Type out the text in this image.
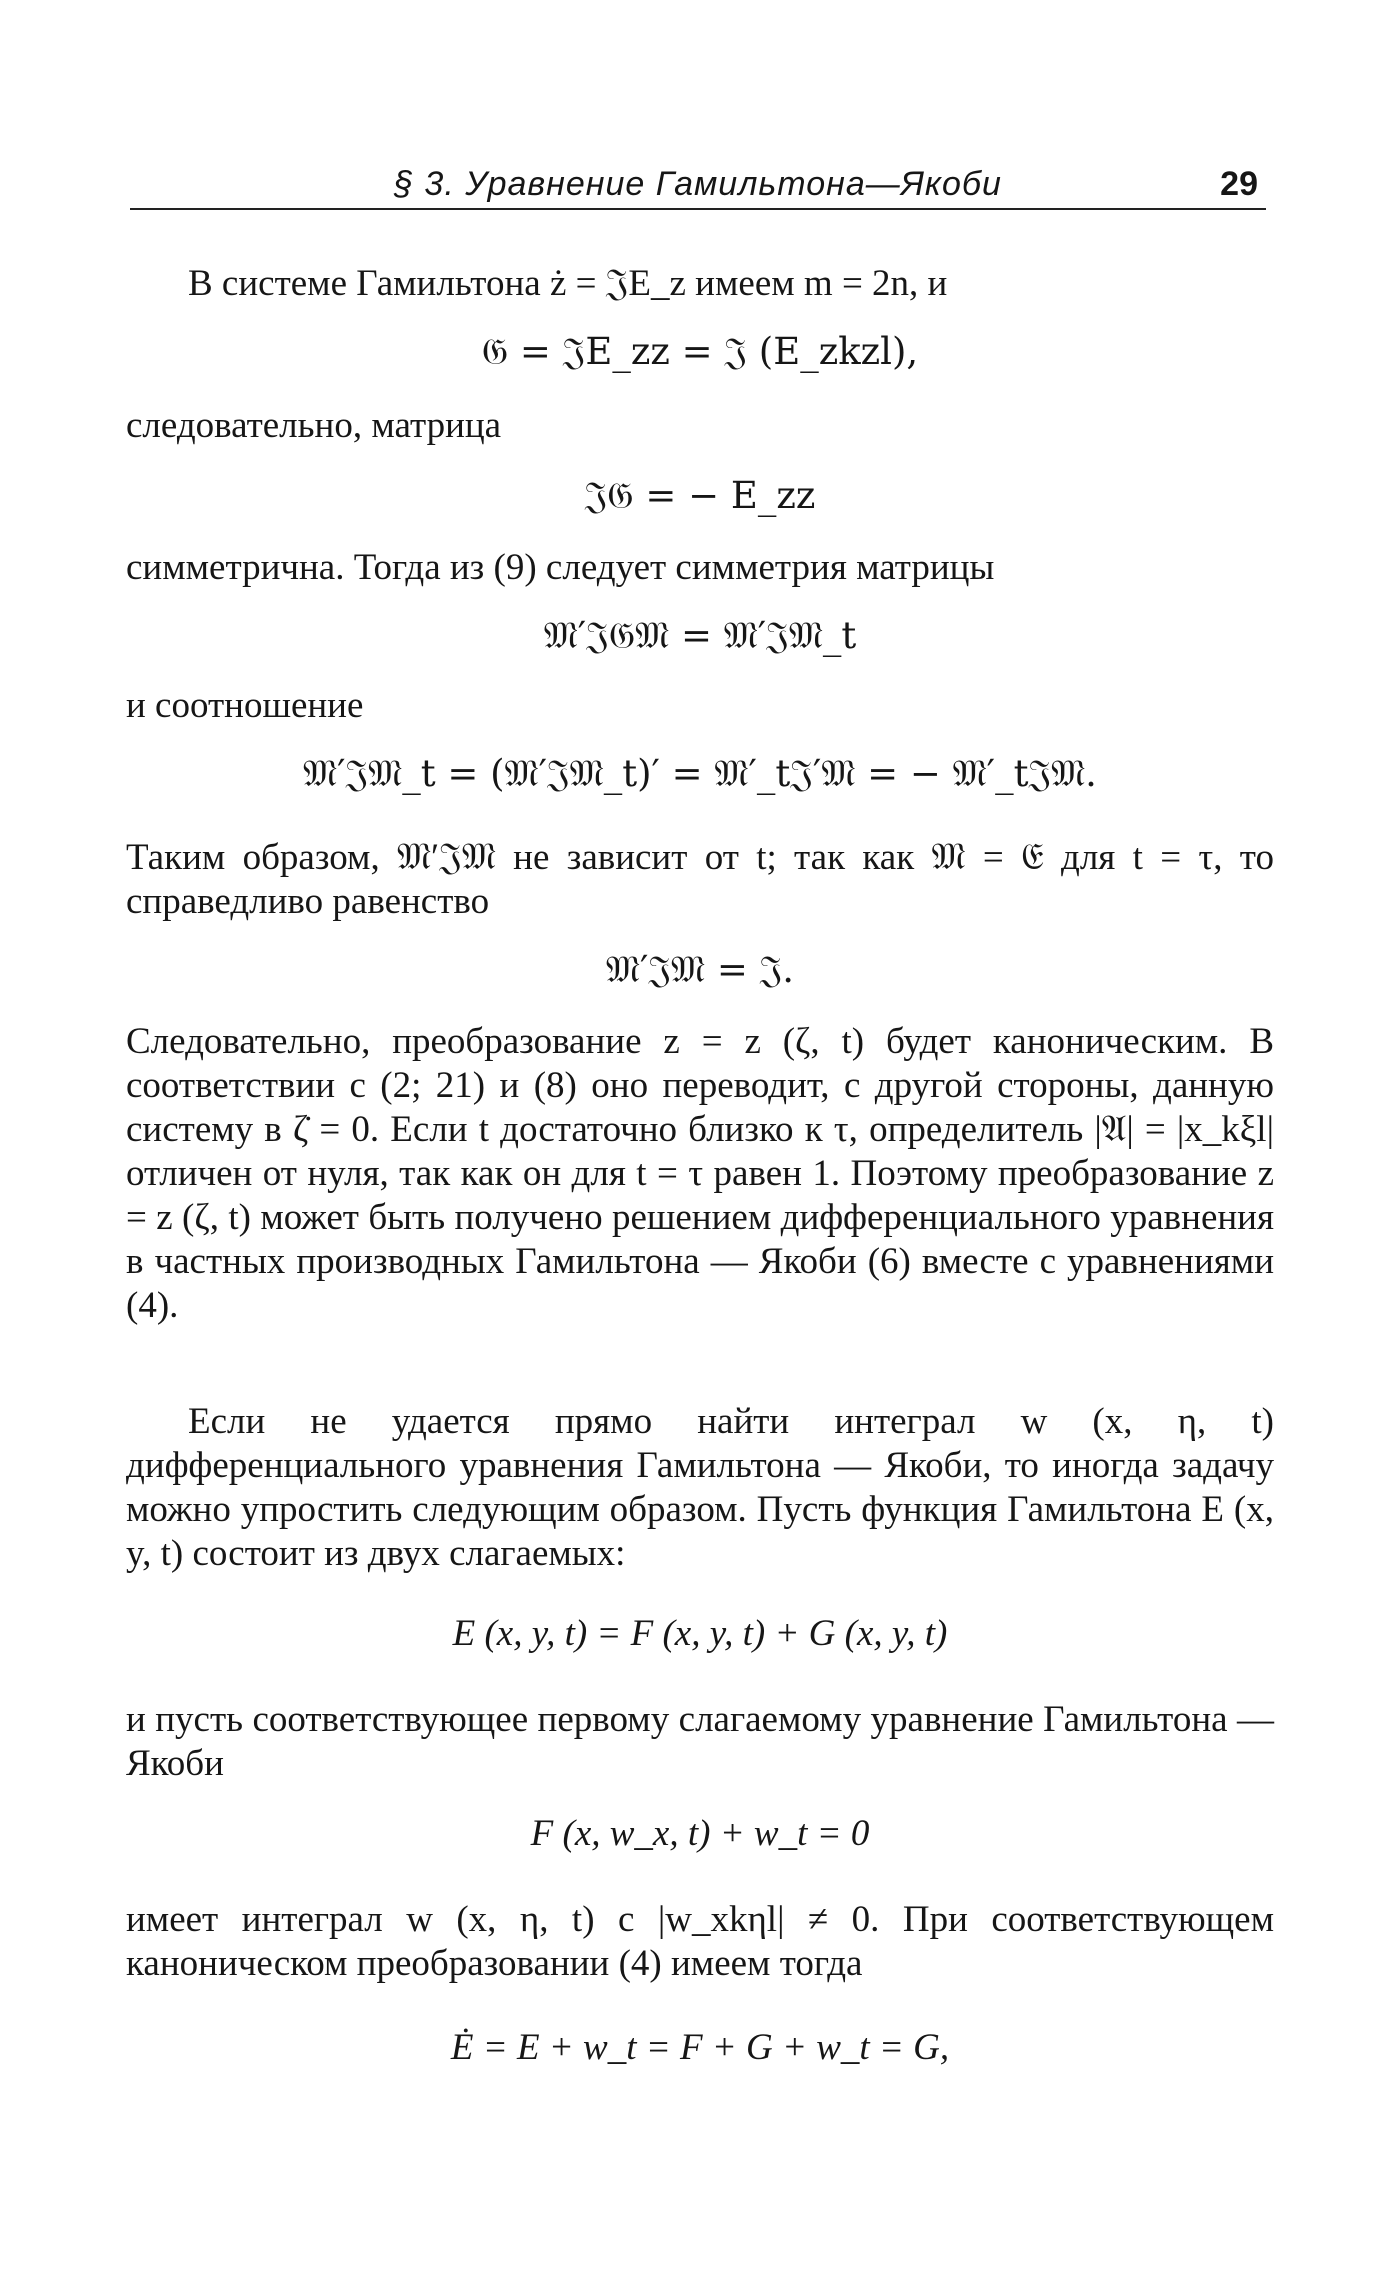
§ 3. Уравнение Гамильтона—Якоби	29
В системе Гамильтона ż = 𝔍E_z имеем m = 2n, и
𝔊 = 𝔍E_zz = 𝔍 (E_zkzl),
следовательно, матрица
𝔍𝔊 = − E_zz
симметрична. Тогда из (9) следует симметрия матрицы
𝔐′𝔍𝔊𝔐 = 𝔐′𝔍𝔐_t
и соотношение
𝔐′𝔍𝔐_t = (𝔐′𝔍𝔐_t)′ = 𝔐′_t𝔍′𝔐 = − 𝔐′_t𝔍𝔐.
Таким образом, 𝔐′𝔍𝔐 не зависит от t; так как 𝔐 = 𝔈 для t = τ, то справедливо равенство
𝔐′𝔍𝔐 = 𝔍.
Следовательно, преобразование z = z (ζ, t) будет каноническим. В соответствии с (2; 21) и (8) оно переводит, с другой стороны, данную систему в ζ̇ = 0. Если t достаточно близко к τ, определитель |𝔄| = |x_kξl| отличен от нуля, так как он для t = τ равен 1. Поэтому преобразование z = z (ζ, t) может быть получено решением дифференциального уравнения в частных производных Гамильтона — Якоби (6) вместе с уравнениями (4).
Если не удается прямо найти интеграл w (x, η, t) дифференциального уравнения Гамильтона — Якоби, то иногда задачу можно упростить следующим образом. Пусть функция Гамильтона E (x, y, t) состоит из двух слагаемых:
E (x, y, t) = F (x, y, t) + G (x, y, t)
и пусть соответствующее первому слагаемому уравнение Гамильтона — Якоби
F (x, w_x, t) + w_t = 0
имеет интеграл w (x, η, t) с |w_xkηl| ≠ 0. При соответствующем каноническом преобразовании (4) имеем тогда
Ė = E + w_t = F + G + w_t = G,
